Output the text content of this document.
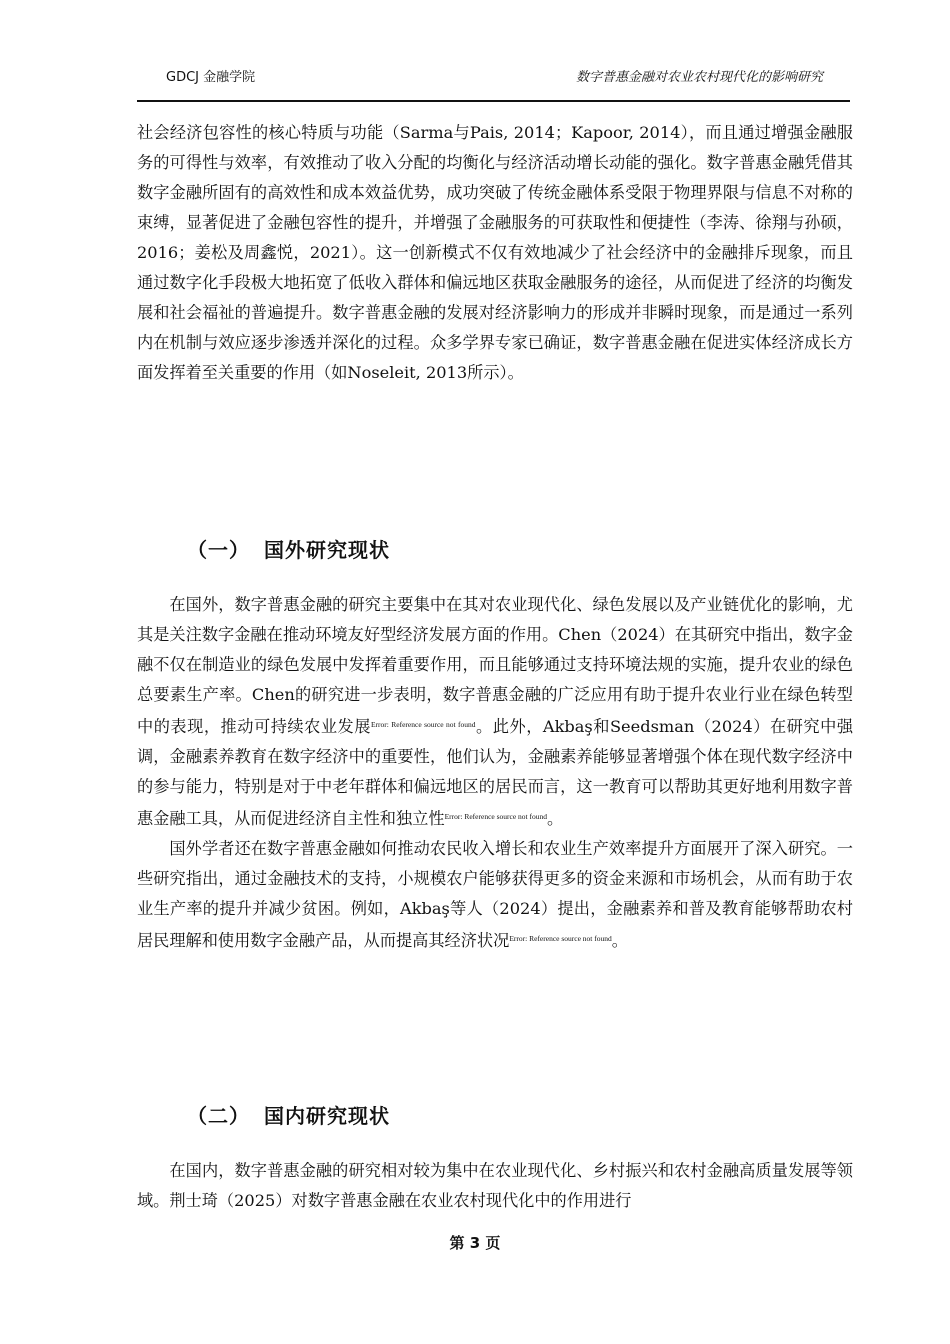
GDCJ 金融学院	数字普惠金融对农业农村现代化的影响研究

社会经济包容性的核心特质与功能（Sarma与Pais, 2014；Kapoor, 2014），而且通过增强金融服务的可得性与效率，有效推动了收入分配的均衡化与经济活动增长动能的强化。数字普惠金融凭借其数字金融所固有的高效性和成本效益优势，成功突破了传统金融体系受限于物理界限与信息不对称的束缚，显著促进了金融包容性的提升，并增强了金融服务的可获取性和便捷性（李涛、徐翔与孙硕，2016；姜松及周鑫悦，2021）。这一创新模式不仅有效地减少了社会经济中的金融排斥现象，而且通过数字化手段极大地拓宽了低收入群体和偏远地区获取金融服务的途径，从而促进了经济的均衡发展和社会福祉的普遍提升。数字普惠金融的发展对经济影响力的形成并非瞬时现象，而是通过一系列内在机制与效应逐步渗透并深化的过程。众多学界专家已确证，数字普惠金融在促进实体经济成长方面发挥着至关重要的作用（如Noseleit, 2013所示）。

（一） 国外研究现状

在国外，数字普惠金融的研究主要集中在其对农业现代化、绿色发展以及产业链优化的影响，尤其是关注数字金融在推动环境友好型经济发展方面的作用。Chen（2024）在其研究中指出，数字金融不仅在制造业的绿色发展中发挥着重要作用，而且能够通过支持环境法规的实施，提升农业的绿色总要素生产率。Chen的研究进一步表明，数字普惠金融的广泛应用有助于提升农业行业在绿色转型中的表现，推动可持续农业发展$^{Error: Reference source not found}$。此外，Akbaş和Seedsman（2024）在研究中强调，金融素养教育在数字经济中的重要性，他们认为，金融素养能够显著增强个体在现代数字经济中的参与能力，特别是对于中老年群体和偏远地区的居民而言，这一教育可以帮助其更好地利用数字普惠金融工具，从而促进经济自主性和独立性$^{Error: Reference source not found}$。

国外学者还在数字普惠金融如何推动农民收入增长和农业生产效率提升方面展开了深入研究。一些研究指出，通过金融技术的支持，小规模农户能够获得更多的资金来源和市场机会，从而有助于农业生产率的提升并减少贫困。例如，Akbaş等人（2024）提出，金融素养和普及教育能够帮助农村居民理解和使用数字金融产品，从而提高其经济状况$^{Error: Reference source not found}$。

（二） 国内研究现状

在国内，数字普惠金融的研究相对较为集中在农业现代化、乡村振兴和农村金融高质量发展等领域。荆士琦（2025）对数字普惠金融在农业农村现代化中的作用进行

第 3 页
